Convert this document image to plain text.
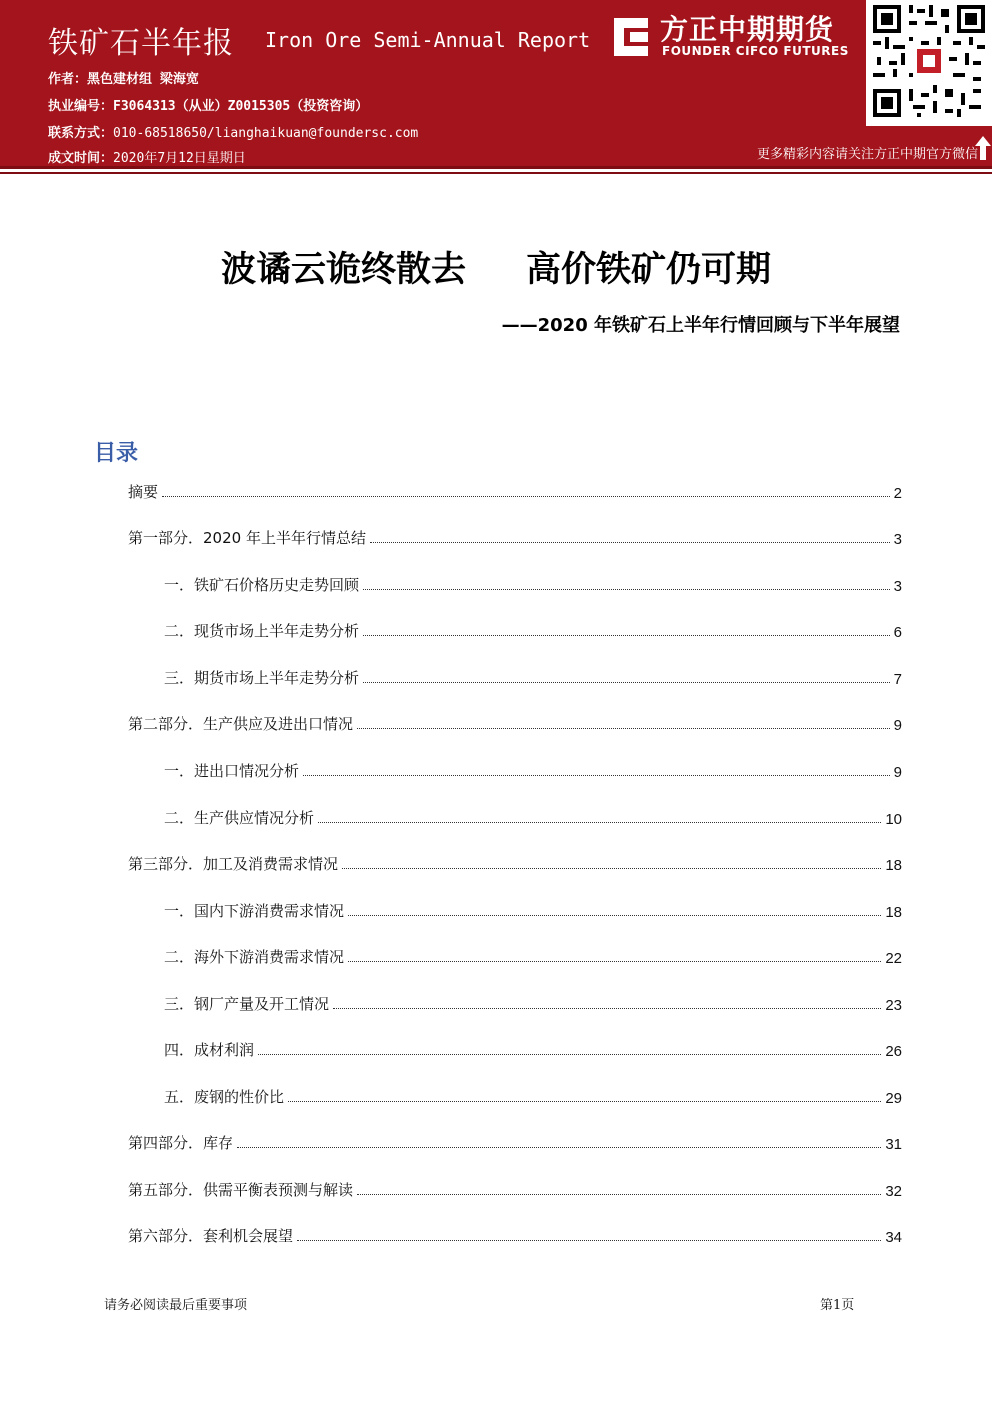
铁矿石半年报 Iron Ore Semi-Annual Report
作者：黑色建材组 梁海宽
执业编号：F3064313（从业）Z0015305（投资咨询）
联系方式：010-68518650/lianghaikuan@foundersc.com
成文时间：2020年7月12日星期日
方正中期期货
FOUNDER CIFCO FUTURES
更多精彩内容请关注方正中期官方微信
波谲云诡终散去 高价铁矿仍可期
——2020 年铁矿石上半年行情回顾与下半年展望
目录
摘要	2
第一部分．2020 年上半年行情总结	3
一．铁矿石价格历史走势回顾	3
二．现货市场上半年走势分析	6
三．期货市场上半年走势分析	7
第二部分．生产供应及进出口情况	9
一．进出口情况分析	9
二．生产供应情况分析	10
第三部分．加工及消费需求情况	18
一．国内下游消费需求情况	18
二．海外下游消费需求情况	22
三．钢厂产量及开工情况	23
四．成材利润	26
五．废钢的性价比	29
第四部分．库存	31
第五部分．供需平衡表预测与解读	32
第六部分．套利机会展望	34
请务必阅读最后重要事项	第1页
